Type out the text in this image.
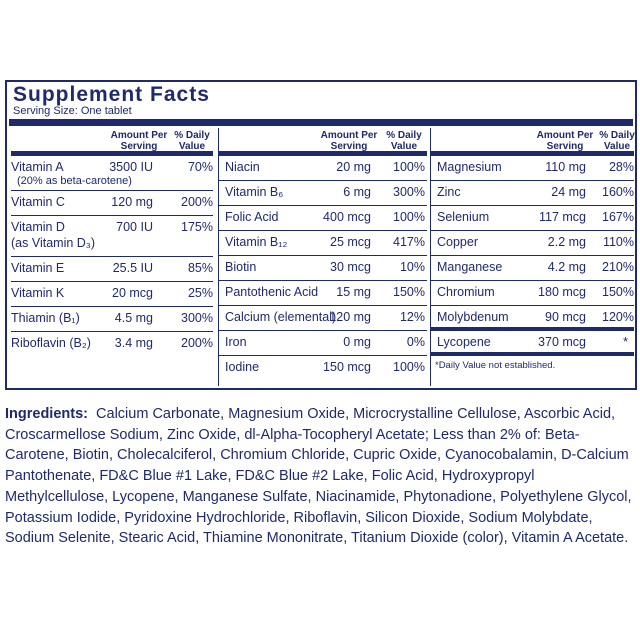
Supplement Facts
Serving Size: One tablet
Amount Per Serving
% Daily Value
Vitamin A
(20% as beta-carotene)
3500 IU	70%
Vitamin C	120 mg 200%
Vitamin D
(as Vitamin D₃)
700 IU 175%
Vitamin E	25.5 IU	85%
Vitamin K	20 mcg	25%
Thiamin (B₁)	4.5 mg 300%
Riboflavin (B₂) 3.4 mg 200%
Amount Per Serving
% Daily Value
Niacin	20 mg 100%
Vitamin B₆	6 mg 300%
Folic Acid	400 mcg 100%
Vitamin B₁₂	25 mcg 417%
Biotin	30 mcg 10%
Pantothenic Acid 15 mg 150%
Calcium (elemental)
120 mg 12%
Iron	0 mg	0%
Iodine	150 mcg 100%
Amount Per Serving
% Daily Value
Magnesium	110 mg 28%
Zinc	24 mg 160%
Selenium	117 mcg 167%
Copper	2.2 mg 110%
Manganese	4.2 mg 210%
Chromium	180 mcg 150%
Molybdenum	90 mcg 120%
Lycopene	370 mcg	*
*Daily Value not established.

Ingredients: Calcium Carbonate, Magnesium Oxide, Microcrystalline Cellulose, Ascorbic Acid, Croscarmellose Sodium, Zinc Oxide, dl-Alpha-Tocopheryl Acetate; Less than 2% of: Beta-Carotene, Biotin, Cholecalciferol, Chromium Chloride, Cupric Oxide, Cyanocobalamin, D-Calcium Pantothenate, FD&C Blue #1 Lake, FD&C Blue #2 Lake, Folic Acid, Hydroxypropyl Methylcellulose, Lycopene, Manganese Sulfate, Niacinamide, Phytonadione, Polyethylene Glycol, Potassium Iodide, Pyridoxine Hydrochloride, Riboflavin, Silicon Dioxide, Sodium Molybdate, Sodium Selenite, Stearic Acid, Thiamine Mononitrate, Titanium Dioxide (color), Vitamin A Acetate.
